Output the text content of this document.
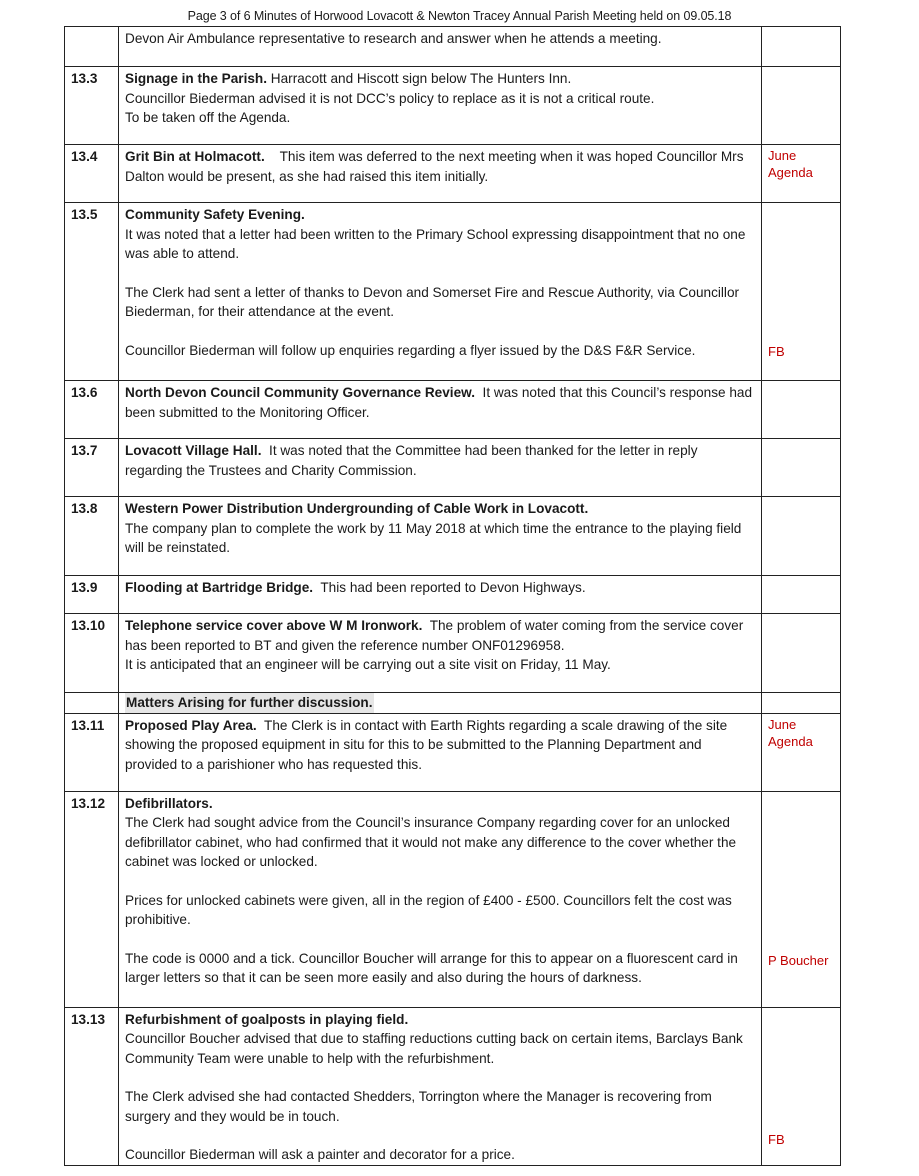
Page 3 of 6 Minutes of Horwood Lovacott & Newton Tracey Annual Parish Meeting held on 09.05.18
	Devon Air Ambulance representative to research and answer when he attends a meeting.	
13.3	Signage in the Parish. Harracott and Hiscott sign below The Hunters Inn.
Councillor Biederman advised it is not DCC’s policy to replace as it is not a critical route.
To be taken off the Agenda.	

13.4	Grit Bin at Holmacott.    This item was deferred to the next meeting when it was hoped Councillor Mrs Dalton would be present, as she had raised this item initially.	June Agenda
13.5	Community Safety Evening.
It was noted that a letter had been written to the Primary School expressing disappointment that no one was able to attend.
The Clerk had sent a letter of thanks to Devon and Somerset Fire and Rescue Authority, via Councillor Biederman, for their attendance at the event.
Councillor Biederman will follow up enquiries regarding a flyer issued by the D&S F&R Service.	FB

13.6	North Devon Council Community Governance Review.  It was noted that this Council’s response had been submitted to the Monitoring Officer.	
13.7	Lovacott Village Hall.  It was noted that the Committee had been thanked for the letter in reply regarding the Trustees and Charity Commission.	
13.8	Western Power Distribution Undergrounding of Cable Work in Lovacott.
The company plan to complete the work by 11 May 2018 at which time the entrance to the playing field will be reinstated.	

13.9	Flooding at Bartridge Bridge.  This had been reported to Devon Highways.	
13.10	Telephone service cover above W M Ironwork.  The problem of water coming from the service cover has been reported to BT and given the reference number ONF01296958.
It is anticipated that an engineer will be carrying out a site visit on Friday, 11 May.	

	Matters Arising for further discussion.	
13.11	Proposed Play Area.  The Clerk is in contact with Earth Rights regarding a scale drawing of the site showing the proposed equipment in situ for this to be submitted to the Planning Department and provided to a parishioner who has requested this.	June Agenda
13.12	Defibrillators.
The Clerk had sought advice from the Council’s insurance Company regarding cover for an unlocked defibrillator cabinet, who had confirmed that it would not make any difference to the cover whether the cabinet was locked or unlocked.
Prices for unlocked cabinets were given, all in the region of £400 - £500. Councillors felt the cost was prohibitive.
The code is 0000 and a tick. Councillor Boucher will arrange for this to appear on a fluorescent card in larger letters so that it can be seen more easily and also during the hours of darkness.	P Boucher

13.13	Refurbishment of goalposts in playing field.
Councillor Boucher advised that due to staffing reductions cutting back on certain items, Barclays Bank Community Team were unable to help with the refurbishment.
The Clerk advised she had contacted Shedders, Torrington where the Manager is recovering from surgery and they would be in touch.
Councillor Biederman will ask a painter and decorator for a price.	FB
